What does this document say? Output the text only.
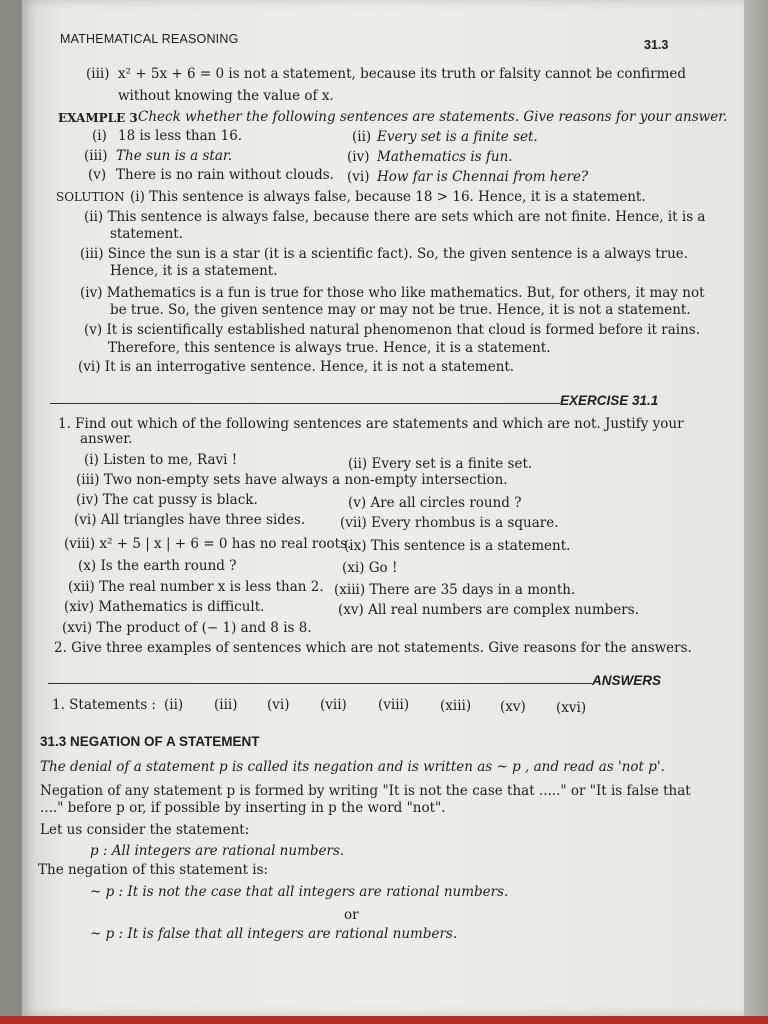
MATHEMATICAL REASONING	31.3
(iii) x² + 5x + 6 = 0 is not a statement, because its truth or falsity cannot be confirmed
without knowing the value of x.
EXAMPLE 3 Check whether the following sentences are statements. Give reasons for your answer.
(i) 18 is less than 16.	(ii) Every set is a finite set.
(iii) The sun is a star.	(iv) Mathematics is fun.
(v) There is no rain without clouds. (vi) How far is Chennai from here?
SOLUTION (i) This sentence is always false, because 18 > 16. Hence, it is a statement.
(ii) This sentence is always false, because there are sets which are not finite. Hence, it is a
statement.
(iii) Since the sun is a star (it is a scientific fact). So, the given sentence is a always true.
Hence, it is a statement.
(iv) Mathematics is a fun is true for those who like mathematics. But, for others, it may not
be true. So, the given sentence may or may not be true. Hence, it is not a statement.
(v) It is scientifically established natural phenomenon that cloud is formed before it rains.
Therefore, this sentence is always true. Hence, it is a statement.
(vi) It is an interrogative sentence. Hence, it is not a statement.
EXERCISE 31.1
1. Find out which of the following sentences are statements and which are not. Justify your
answer.
(i) Listen to me, Ravi !	(ii) Every set is a finite set.
(iii) Two non-empty sets have always a non-empty intersection.
(iv) The cat pussy is black.	(v) Are all circles round ?
(vi) All triangles have three sides.	(vii) Every rhombus is a square.
(viii) x² + 5 | x | + 6 = 0 has no real roots.
(ix) This sentence is a statement.
(x) Is the earth round ?	(xi) Go !
(xii) The real number x is less than 2. (xiii) There are 35 days in a month.
(xiv) Mathematics is difficult.	(xv) All real numbers are complex numbers.
(xvi) The product of (− 1) and 8 is 8.
2. Give three examples of sentences which are not statements. Give reasons for the answers.
ANSWERS
1. Statements : (ii) (iii) (vi) (vii) (viii) (xiii) (xv) (xvi)
31.3 NEGATION OF A STATEMENT
The denial of a statement p is called its negation and is written as ~ p , and read as 'not p'.
Negation of any statement p is formed by writing "It is not the case that ....." or "It is false that
...." before p or, if possible by inserting in p the word "not".
Let us consider the statement:
p : All integers are rational numbers.
The negation of this statement is:
~ p : It is not the case that all integers are rational numbers.
or
~ p : It is false that all integers are rational numbers.
